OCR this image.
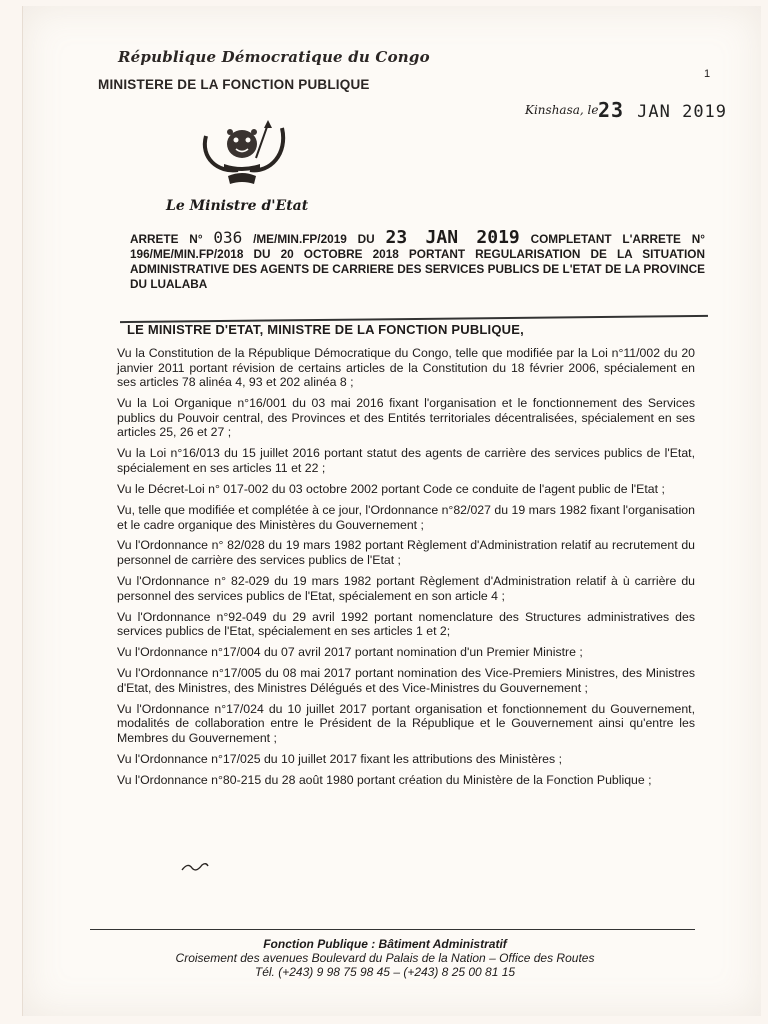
République Démocratique du Congo
MINISTERE DE LA FONCTION PUBLIQUE
1
Kinshasa, le 23 JAN 2019
Le Ministre d'Etat
ARRETE N° 036 /ME/MIN.FP/2019 DU 23 JAN 2019 COMPLETANT L'ARRETE N° 196/ME/MIN.FP/2018 DU 20 OCTOBRE 2018 PORTANT REGULARISATION DE LA SITUATION ADMINISTRATIVE DES AGENTS DE CARRIERE DES SERVICES PUBLICS DE L'ETAT DE LA PROVINCE DU LUALABA
LE MINISTRE D'ETAT, MINISTRE DE LA FONCTION PUBLIQUE,

Vu la Constitution de la République Démocratique du Congo, telle que modifiée par la Loi n°11/002 du 20 janvier 2011 portant révision de certains articles de la Constitution du 18 février 2006, spécialement en ses articles 78 alinéa 4, 93 et 202 alinéa 8 ;

Vu la Loi Organique n°16/001 du 03 mai 2016 fixant l'organisation et le fonctionnement des Services publics du Pouvoir central, des Provinces et des Entités territoriales décentralisées, spécialement en ses articles 25, 26 et 27 ;

Vu la Loi n°16/013 du 15 juillet 2016 portant statut des agents de carrière des services publics de l'Etat, spécialement en ses articles 11 et 22 ;

Vu le Décret-Loi n° 017-002 du 03 octobre 2002 portant Code ce conduite de l'agent public de l'Etat ;

Vu, telle que modifiée et complétée à ce jour, l'Ordonnance n°82/027 du 19 mars 1982 fixant l'organisation et le cadre organique des Ministères du Gouvernement ;

Vu l'Ordonnance n° 82/028 du 19 mars 1982 portant Règlement d'Administration relatif au recrutement du personnel de carrière des services publics de l'Etat ;

Vu l'Ordonnance n° 82-029 du 19 mars 1982 portant Règlement d'Administration relatif à ù carrière du personnel des services publics de l'Etat, spécialement en son article 4 ;

Vu l'Ordonnance n°92-049 du 29 avril 1992 portant nomenclature des Structures administratives des services publics de l'Etat, spécialement en ses articles 1 et 2;

Vu l'Ordonnance n°17/004 du 07 avril 2017 portant nomination d'un Premier Ministre ;

Vu l'Ordonnance n°17/005 du 08 mai 2017 portant nomination des Vice-Premiers Ministres, des Ministres d'Etat, des Ministres, des Ministres Délégués et des Vice-Ministres du Gouvernement ;

Vu l'Ordonnance n°17/024 du 10 juillet 2017 portant organisation et fonctionnement du Gouvernement, modalités de collaboration entre le Président de la République et le Gouvernement ainsi qu'entre les Membres du Gouvernement ;

Vu l'Ordonnance n°17/025 du 10 juillet 2017 fixant les attributions des Ministères ;

Vu l'Ordonnance n°80-215 du 28 août 1980 portant création du Ministère de la Fonction Publique ;

Fonction Publique : Bâtiment Administratif
Croisement des avenues Boulevard du Palais de la Nation – Office des Routes
Tél. (+243) 9 98 75 98 45 – (+243) 8 25 00 81 15
